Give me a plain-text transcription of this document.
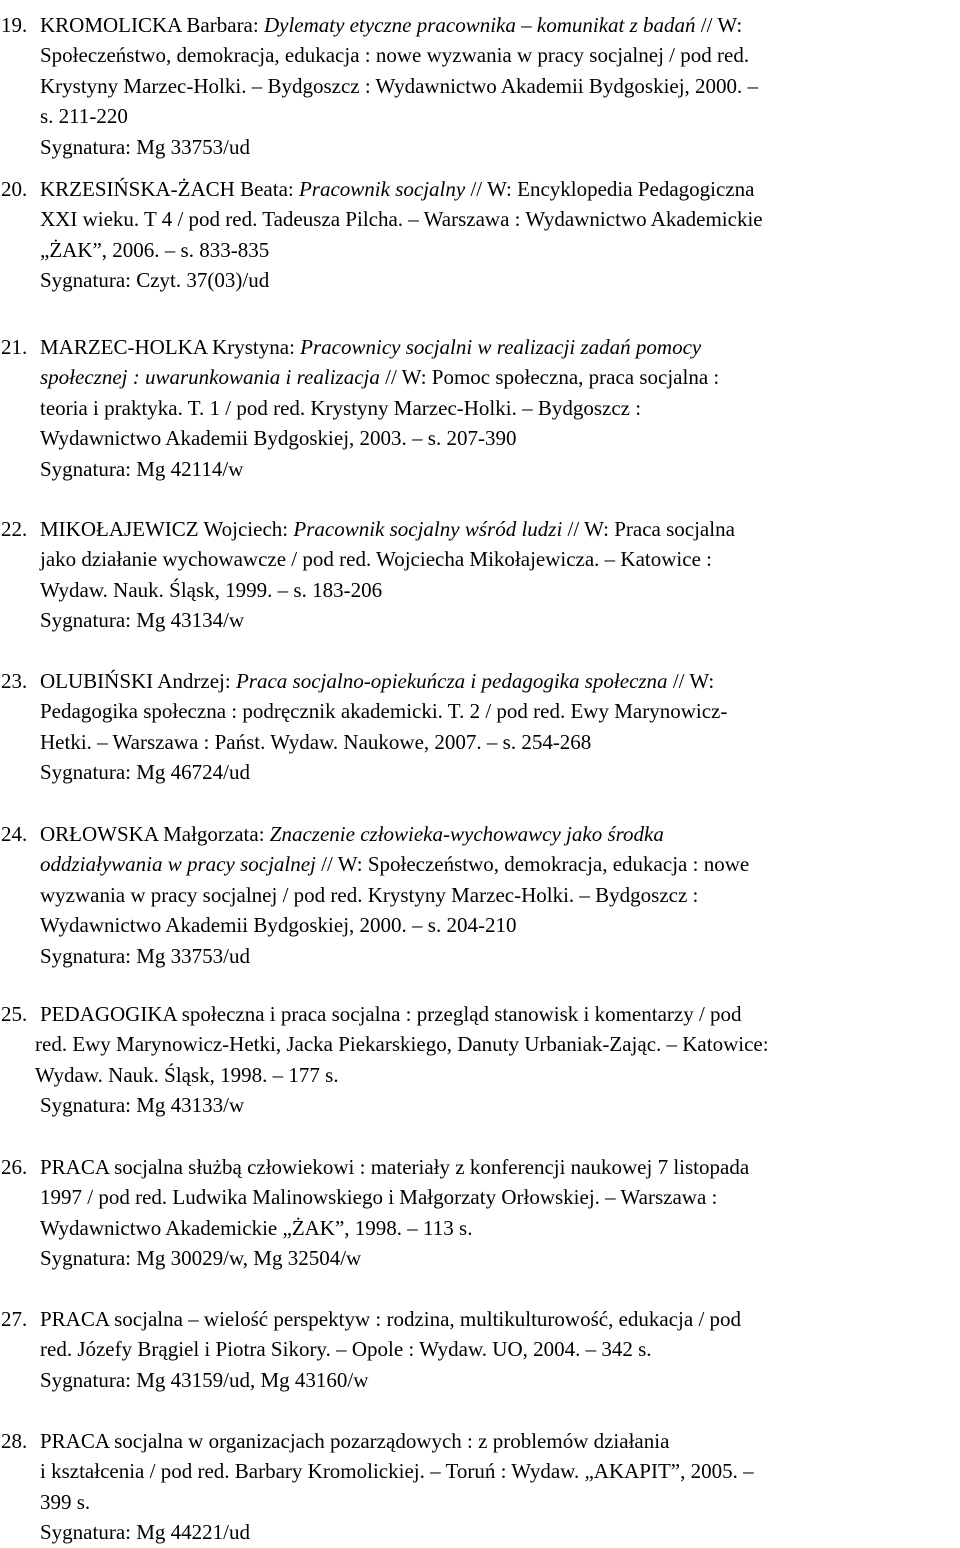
19. KROMOLICKA Barbara: Dylematy etyczne pracownika – komunikat z badań // W:
Społeczeństwo, demokracja, edukacja : nowe wyzwania w pracy socjalnej / pod red.
Krystyny Marzec-Holki. – Bydgoszcz : Wydawnictwo Akademii Bydgoskiej, 2000. –
s. 211-220
Sygnatura: Mg 33753/ud
20. KRZESIŃSKA-ŻACH Beata: Pracownik socjalny // W: Encyklopedia Pedagogiczna
XXI wieku. T 4 / pod red. Tadeusza Pilcha. – Warszawa : Wydawnictwo Akademickie
„ŻAK”, 2006. – s. 833-835
Sygnatura: Czyt. 37(03)/ud
21. MARZEC-HOLKA Krystyna: Pracownicy socjalni w realizacji zadań pomocy
społecznej : uwarunkowania i realizacja // W: Pomoc społeczna, praca socjalna :
teoria i praktyka. T. 1 / pod red. Krystyny Marzec-Holki. – Bydgoszcz :
Wydawnictwo Akademii Bydgoskiej, 2003. – s. 207-390
Sygnatura: Mg 42114/w
22. MIKOŁAJEWICZ Wojciech: Pracownik socjalny wśród ludzi // W: Praca socjalna
jako działanie wychowawcze / pod red. Wojciecha Mikołajewicza. – Katowice :
Wydaw. Nauk. Śląsk, 1999. – s. 183-206
Sygnatura: Mg 43134/w
23. OLUBIŃSKI Andrzej: Praca socjalno-opiekuńcza i pedagogika społeczna // W:
Pedagogika społeczna : podręcznik akademicki. T. 2 / pod red. Ewy Marynowicz-
Hetki. – Warszawa : Państ. Wydaw. Naukowe, 2007. – s. 254-268
Sygnatura: Mg 46724/ud
24. ORŁOWSKA Małgorzata: Znaczenie człowieka-wychowawcy jako środka
oddziaływania w pracy socjalnej // W: Społeczeństwo, demokracja, edukacja : nowe
wyzwania w pracy socjalnej / pod red. Krystyny Marzec-Holki. – Bydgoszcz :
Wydawnictwo Akademii Bydgoskiej, 2000. – s. 204-210
Sygnatura: Mg 33753/ud
25. PEDAGOGIKA społeczna i praca socjalna : przegląd stanowisk i komentarzy / pod
red. Ewy Marynowicz-Hetki, Jacka Piekarskiego, Danuty Urbaniak-Zając. – Katowice:
Wydaw. Nauk. Śląsk, 1998. – 177 s.
Sygnatura: Mg 43133/w
26. PRACA socjalna służbą człowiekowi : materiały z konferencji naukowej 7 listopada
1997 / pod red. Ludwika Malinowskiego i Małgorzaty Orłowskiej. – Warszawa :
Wydawnictwo Akademickie „ŻAK”, 1998. – 113 s.
Sygnatura: Mg 30029/w, Mg 32504/w
27. PRACA socjalna – wielość perspektyw : rodzina, multikulturowość, edukacja / pod
red. Józefy Brągiel i Piotra Sikory. – Opole : Wydaw. UO, 2004. – 342 s.
Sygnatura: Mg 43159/ud, Mg 43160/w
28. PRACA socjalna w organizacjach pozarządowych : z problemów działania
i kształcenia / pod red. Barbary Kromolickiej. – Toruń : Wydaw. „AKAPIT”, 2005. –
399 s.
Sygnatura: Mg 44221/ud
